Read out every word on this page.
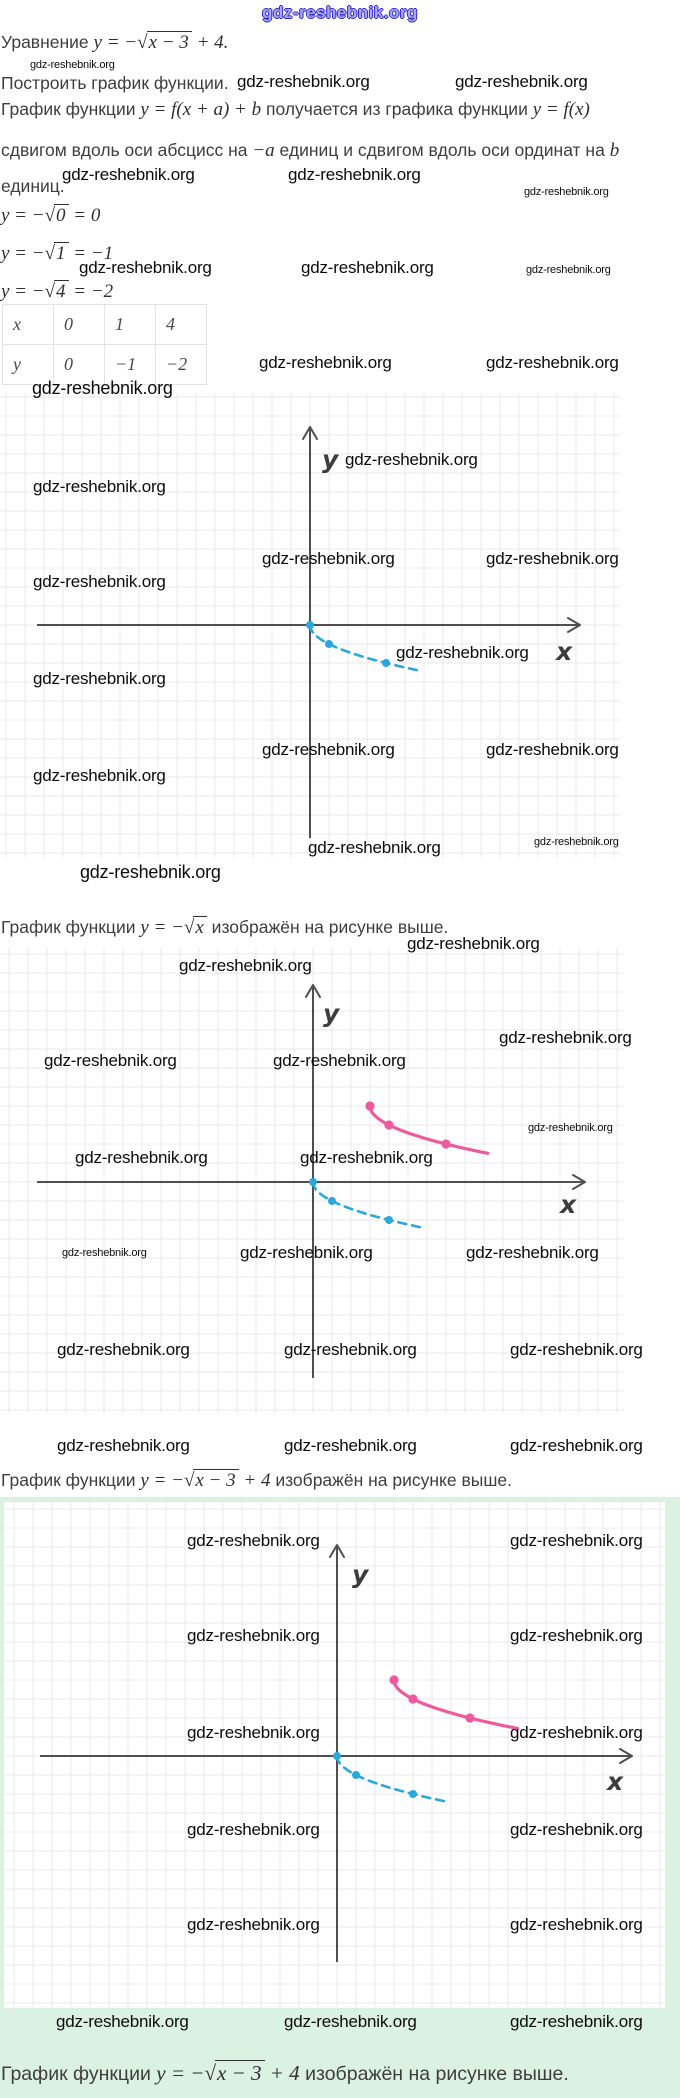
gdz-reshebnik.org
Уравнение y = −√x − 3 + 4.
Построить график функции.
График функции y = f(x + a) + b получается из графика функции y = f(x)
сдвигом вдоль оси абсцисс на −a единиц и сдвигом вдоль оси ординат на b
единиц.
y = −√0 = 0
y = −√1 = −1
y = −√4 = −2
x	0	1	4
y	0	−1	−2
x
y
x
y
x
y
График функции y = −√x изображён на рисунке выше.
График функции y = −√x − 3 + 4 изображён на рисунке выше.
График функции y = −√x − 3 + 4 изображён на рисунке выше.
gdz-reshebnik.org
gdz-reshebnik.org	gdz-reshebnik.org
gdz-reshebnik.org
gdz-reshebnik.org	gdz-reshebnik.org
gdz-reshebnik.org	gdz-reshebnik.org	gdz-reshebnik.org
gdz-reshebnik.org	gdz-reshebnik.org
gdz-reshebnik.org
gdz-reshebnik.org
gdz-reshebnik.org
gdz-reshebnik.org	gdz-reshebnik.org
gdz-reshebnik.org
gdz-reshebnik.org
gdz-reshebnik.org
gdz-reshebnik.org	gdz-reshebnik.org
gdz-reshebnik.org
gdz-reshebnik.org	gdz-reshebnik.org
gdz-reshebnik.org
gdz-reshebnik.org
gdz-reshebnik.org
gdz-reshebnik.org
gdz-reshebnik.org	gdz-reshebnik.org
gdz-reshebnik.org
gdz-reshebnik.org	gdz-reshebnik.org
gdz-reshebnik.org	gdz-reshebnik.org	gdz-reshebnik.org
gdz-reshebnik.org	gdz-reshebnik.org	gdz-reshebnik.org
gdz-reshebnik.org	gdz-reshebnik.org	gdz-reshebnik.org
gdz-reshebnik.org	gdz-reshebnik.org
gdz-reshebnik.org	gdz-reshebnik.org
gdz-reshebnik.org	gdz-reshebnik.org
gdz-reshebnik.org	gdz-reshebnik.org
gdz-reshebnik.org	gdz-reshebnik.org
gdz-reshebnik.org	gdz-reshebnik.org	gdz-reshebnik.org
